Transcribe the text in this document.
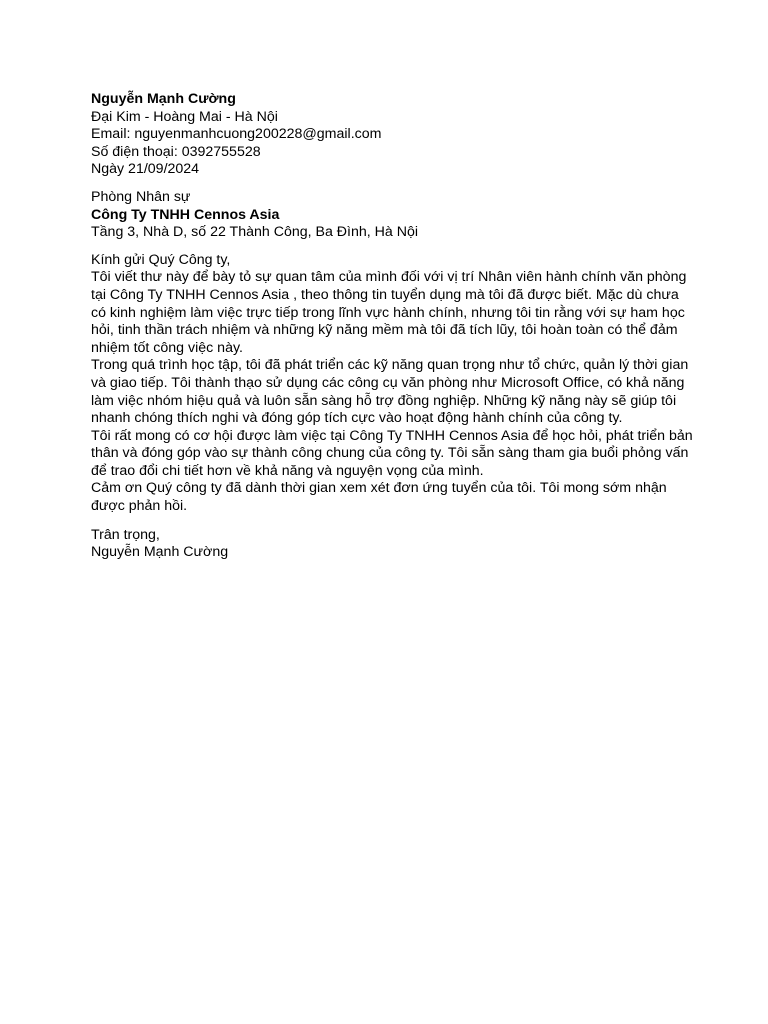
Nguyễn Mạnh Cường
Đại Kim - Hoàng Mai - Hà Nội
Email: nguyenmanhcuong200228@gmail.com
Số điện thoại: 0392755528
Ngày 21/09/2024
Phòng Nhân sự
Công Ty TNHH Cennos Asia
Tầng 3, Nhà D, số 22 Thành Công, Ba Đình, Hà Nội
Kính gửi Quý Công ty,

Tôi viết thư này để bày tỏ sự quan tâm của mình đối với vị trí Nhân viên hành chính văn phòng
tại Công Ty TNHH Cennos Asia , theo thông tin tuyển dụng mà tôi đã được biết. Mặc dù chưa
có kinh nghiệm làm việc trực tiếp trong lĩnh vực hành chính, nhưng tôi tin rằng với sự ham học
hỏi, tinh thần trách nhiệm và những kỹ năng mềm mà tôi đã tích lũy, tôi hoàn toàn có thể đảm
nhiệm tốt công việc này.

Trong quá trình học tập, tôi đã phát triển các kỹ năng quan trọng như tổ chức, quản lý thời gian
và giao tiếp. Tôi thành thạo sử dụng các công cụ văn phòng như Microsoft Office, có khả năng
làm việc nhóm hiệu quả và luôn sẵn sàng hỗ trợ đồng nghiệp. Những kỹ năng này sẽ giúp tôi
nhanh chóng thích nghi và đóng góp tích cực vào hoạt động hành chính của công ty.

Tôi rất mong có cơ hội được làm việc tại Công Ty TNHH Cennos Asia để học hỏi, phát triển bản
thân và đóng góp vào sự thành công chung của công ty. Tôi sẵn sàng tham gia buổi phỏng vấn
để trao đổi chi tiết hơn về khả năng và nguyện vọng của mình.

Cảm ơn Quý công ty đã dành thời gian xem xét đơn ứng tuyển của tôi. Tôi mong sớm nhận
được phản hồi.

Trân trọng,
Nguyễn Mạnh Cường
